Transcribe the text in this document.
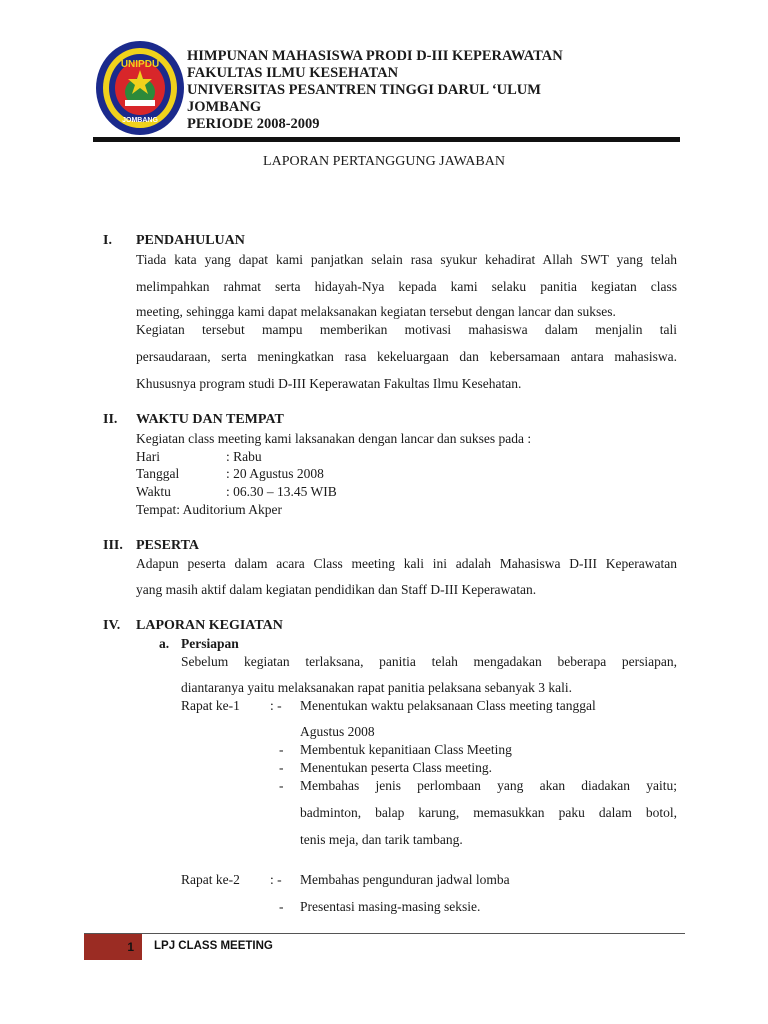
UNIPDU
JOMBANG
HIMPUNAN MAHASISWA PRODI D-III KEPERAWATAN
FAKULTAS ILMU KESEHATAN
UNIVERSITAS PESANTREN TINGGI DARUL ‘ULUM
JOMBANG
PERIODE 2008-2009
LAPORAN PERTANGGUNG JAWABAN
I. PENDAHULUAN
Tiada kata yang dapat kami panjatkan selain rasa syukur kehadirat Allah SWT yang telah
melimpahkan rahmat serta hidayah-Nya kepada kami selaku panitia kegiatan class
meeting, sehingga kami dapat melaksanakan kegiatan tersebut dengan lancar dan sukses.
Kegiatan tersebut mampu memberikan motivasi mahasiswa dalam menjalin tali
persaudaraan, serta meningkatkan rasa kekeluargaan dan kebersamaan antara mahasiswa.
Khususnya program studi D-III Keperawatan Fakultas Ilmu Kesehatan.
II. WAKTU DAN TEMPAT
Kegiatan class meeting kami laksanakan dengan lancar dan sukses pada :
Hari	: Rabu
Tanggal	: 20 Agustus 2008
Waktu	: 06.30 – 13.45 WIB
Tempat: Auditorium Akper
III. PESERTA
Adapun peserta dalam acara Class meeting kali ini adalah Mahasiswa D-III Keperawatan
yang masih aktif dalam kegiatan pendidikan dan Staff D-III Keperawatan.
IV. LAPORAN KEGIATAN
a. Persiapan
Sebelum kegiatan terlaksana, panitia telah mengadakan beberapa persiapan,
diantaranya yaitu melaksanakan rapat panitia pelaksana sebanyak 3 kali.
Rapat ke-1 : - Menentukan waktu pelaksanaan Class meeting tanggal
Agustus 2008
- Membentuk kepanitiaan Class Meeting
- Menentukan peserta Class meeting.
- Membahas jenis perlombaan yang akan diadakan yaitu;
badminton, balap karung, memasukkan paku dalam botol,
tenis meja, dan tarik tambang.
Rapat ke-2 : - Membahas pengunduran jadwal lomba
- Presentasi masing-masing seksie.
1	LPJ CLASS MEETING
